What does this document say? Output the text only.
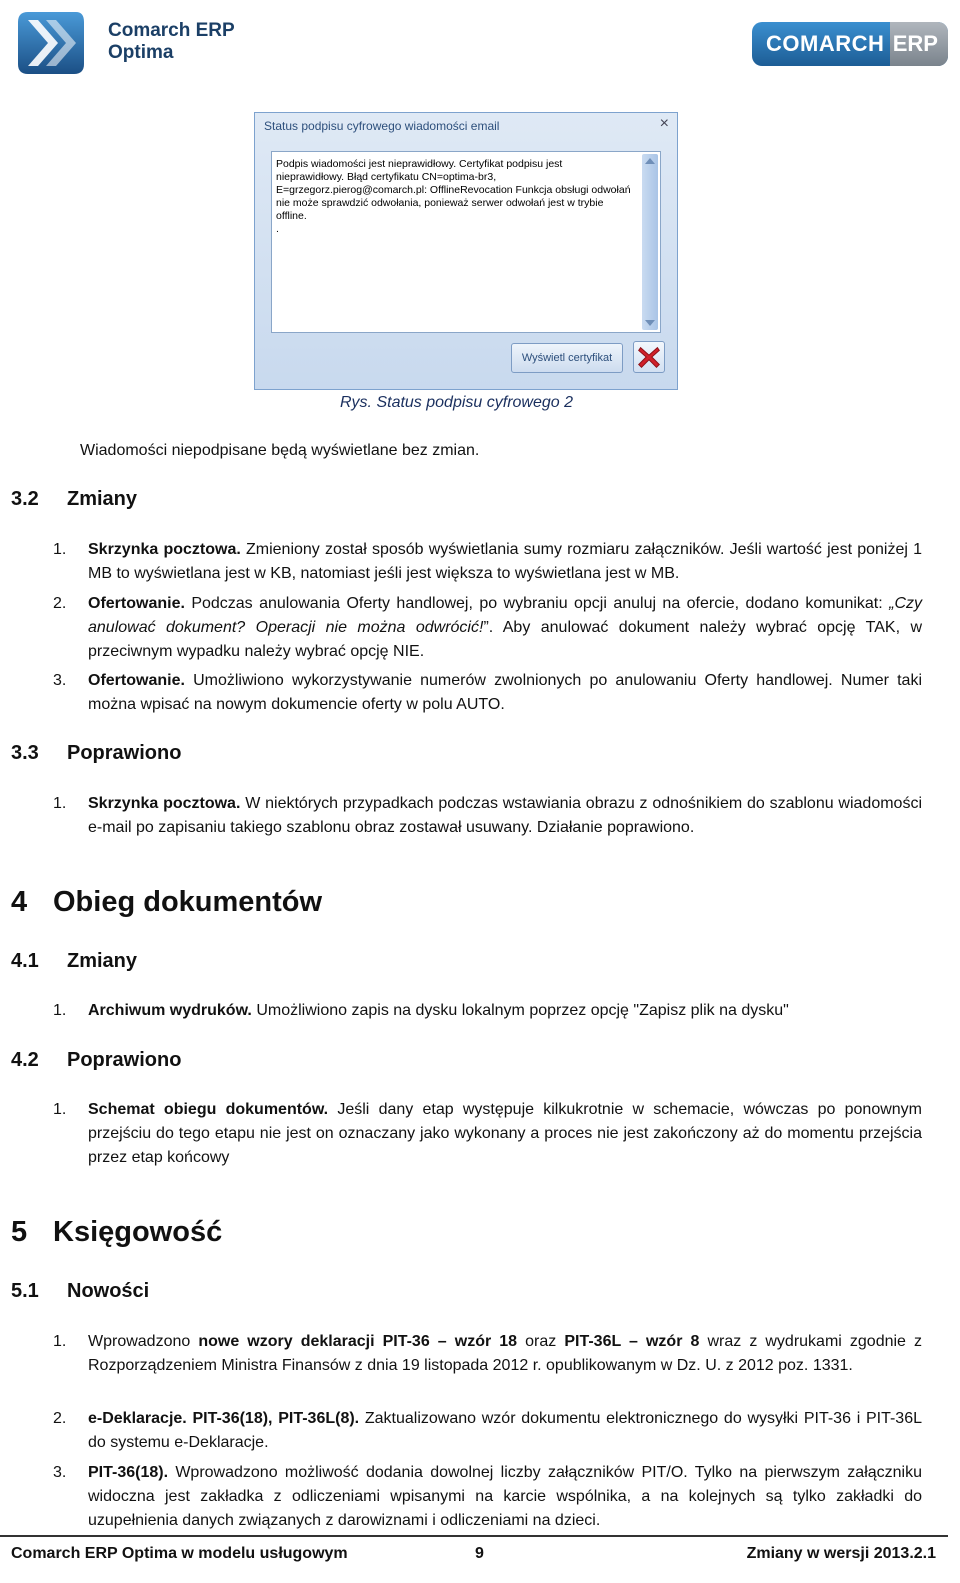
Comarch ERP
Optima	COMARCH ERP
Status podpisu cyfrowego wiadomości email	×
Podpis wiadomości jest nieprawidłowy. Certyfikat podpisu jest nieprawidłowy. Błąd certyfikatu CN=optima-br3, E=grzegorz.pierog@comarch.pl: OfflineRevocation Funkcja obsługi odwołań nie może sprawdzić odwołania, ponieważ serwer odwołań jest w trybie offline.
.
Wyświetl certyfikat
Rys. Status podpisu cyfrowego 2
Wiadomości niepodpisane będą wyświetlane bez zmian.
3.2 Zmiany
1. Skrzynka pocztowa. Zmieniony został sposób wyświetlania sumy rozmiaru załączników. Jeśli wartość jest poniżej 1 MB to wyświetlana jest w KB, natomiast jeśli jest większa to wyświetlana jest w MB.
2. Ofertowanie. Podczas anulowania Oferty handlowej, po wybraniu opcji anuluj na ofercie, dodano komunikat: „Czy anulować dokument? Operacji nie można odwrócić!”. Aby anulować dokument należy wybrać opcję TAK, w przeciwnym wypadku należy wybrać opcję NIE.
3. Ofertowanie. Umożliwiono wykorzystywanie numerów zwolnionych po anulowaniu Oferty handlowej. Numer taki można wpisać na nowym dokumencie oferty w polu AUTO.
3.3 Poprawiono
1. Skrzynka pocztowa. W niektórych przypadkach podczas wstawiania obrazu z odnośnikiem do szablonu wiadomości e-mail po zapisaniu takiego szablonu obraz zostawał usuwany. Działanie poprawiono.
4 Obieg dokumentów
4.1 Zmiany
1. Archiwum wydruków. Umożliwiono zapis na dysku lokalnym poprzez opcję "Zapisz plik na dysku"
4.2 Poprawiono
1. Schemat obiegu dokumentów. Jeśli dany etap występuje kilkukrotnie w schemacie, wówczas po ponownym przejściu do tego etapu nie jest on oznaczany jako wykonany a proces nie jest zakończony aż do momentu przejścia przez etap końcowy
5 Księgowość
5.1 Nowości
1. Wprowadzono nowe wzory deklaracji PIT-36 – wzór 18 oraz PIT-36L – wzór 8 wraz z wydrukami zgodnie z Rozporządzeniem Ministra Finansów z dnia 19 listopada 2012 r. opublikowanym w Dz. U. z 2012 poz. 1331.
2. e-Deklaracje. PIT-36(18), PIT-36L(8). Zaktualizowano wzór dokumentu elektronicznego do wysyłki PIT-36 i PIT-36L do systemu e-Deklaracje.
3. PIT-36(18). Wprowadzono możliwość dodania dowolnej liczby załączników PIT/O. Tylko na pierwszym załączniku widoczna jest zakładka z odliczeniami wpisanymi na karcie wspólnika, a na kolejnych są tylko zakładki do uzupełnienia danych związanych z darowiznami i odliczeniami na dzieci.
Comarch ERP Optima w modelu usługowym	9	Zmiany w wersji 2013.2.1
